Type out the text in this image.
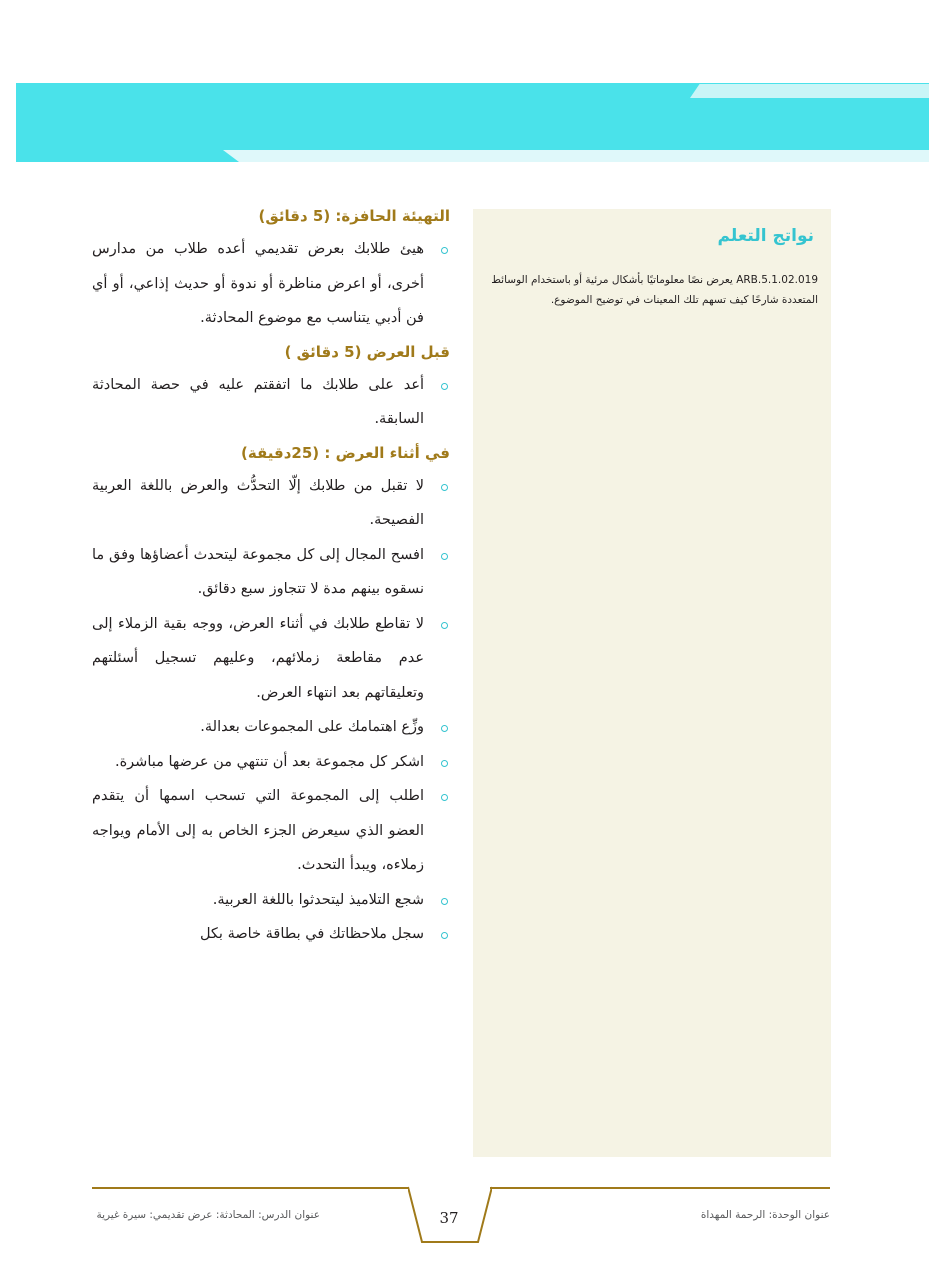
نواتج التعلم
ARB.5.1.02.019 يعرض نصًا معلوماتيًا بأشكال مرئية أو باستخدام الوسائط المتعددة شارحًا كيف تسهم تلك المعينات في توضيح الموضوع.
التهيئة الحافزة: (5 دقائق)
هيئ طلابك بعرض تقديمي أعده طلاب من مدارس أخرى، أو اعرض مناظرة أو ندوة أو حديث إذاعي، أو أي فن أدبي يتناسب مع موضوع المحادثة.
قبل العرض (5 دقائق )
أعد على طلابك ما اتفقتم عليه في حصة المحادثة السابقة.
في أثناء العرض : (25دقيقة)
لا تقبل من طلابك إلّا التحدُّث والعرض باللغة العربية الفصيحة.
افسح المجال إلى كل مجموعة ليتحدث أعضاؤها وفق ما نسقوه بينهم مدة لا تتجاوز سبع دقائق.
لا تقاطع طلابك في أثناء العرض، ووجه بقية الزملاء إلى عدم مقاطعة زملائهم، وعليهم تسجيل أسئلتهم وتعليقاتهم بعد انتهاء العرض.
وزِّع اهتمامك على المجموعات بعدالة.
اشكر كل مجموعة بعد أن تنتهي من عرضها مباشرة.
اطلب إلى المجموعة التي تسحب اسمها أن يتقدم العضو الذي سيعرض الجزء الخاص به إلى الأمام ويواجه زملاءه، ويبدأ التحدث.
شجع التلاميذ ليتحدثوا باللغة العربية.
سجل ملاحظاتك في بطاقة خاصة بكل
37	عنوان الوحدة: الرحمة المهداة
عنوان الدرس: المحادثة: عرض تقديمي: سيرة غيرية
